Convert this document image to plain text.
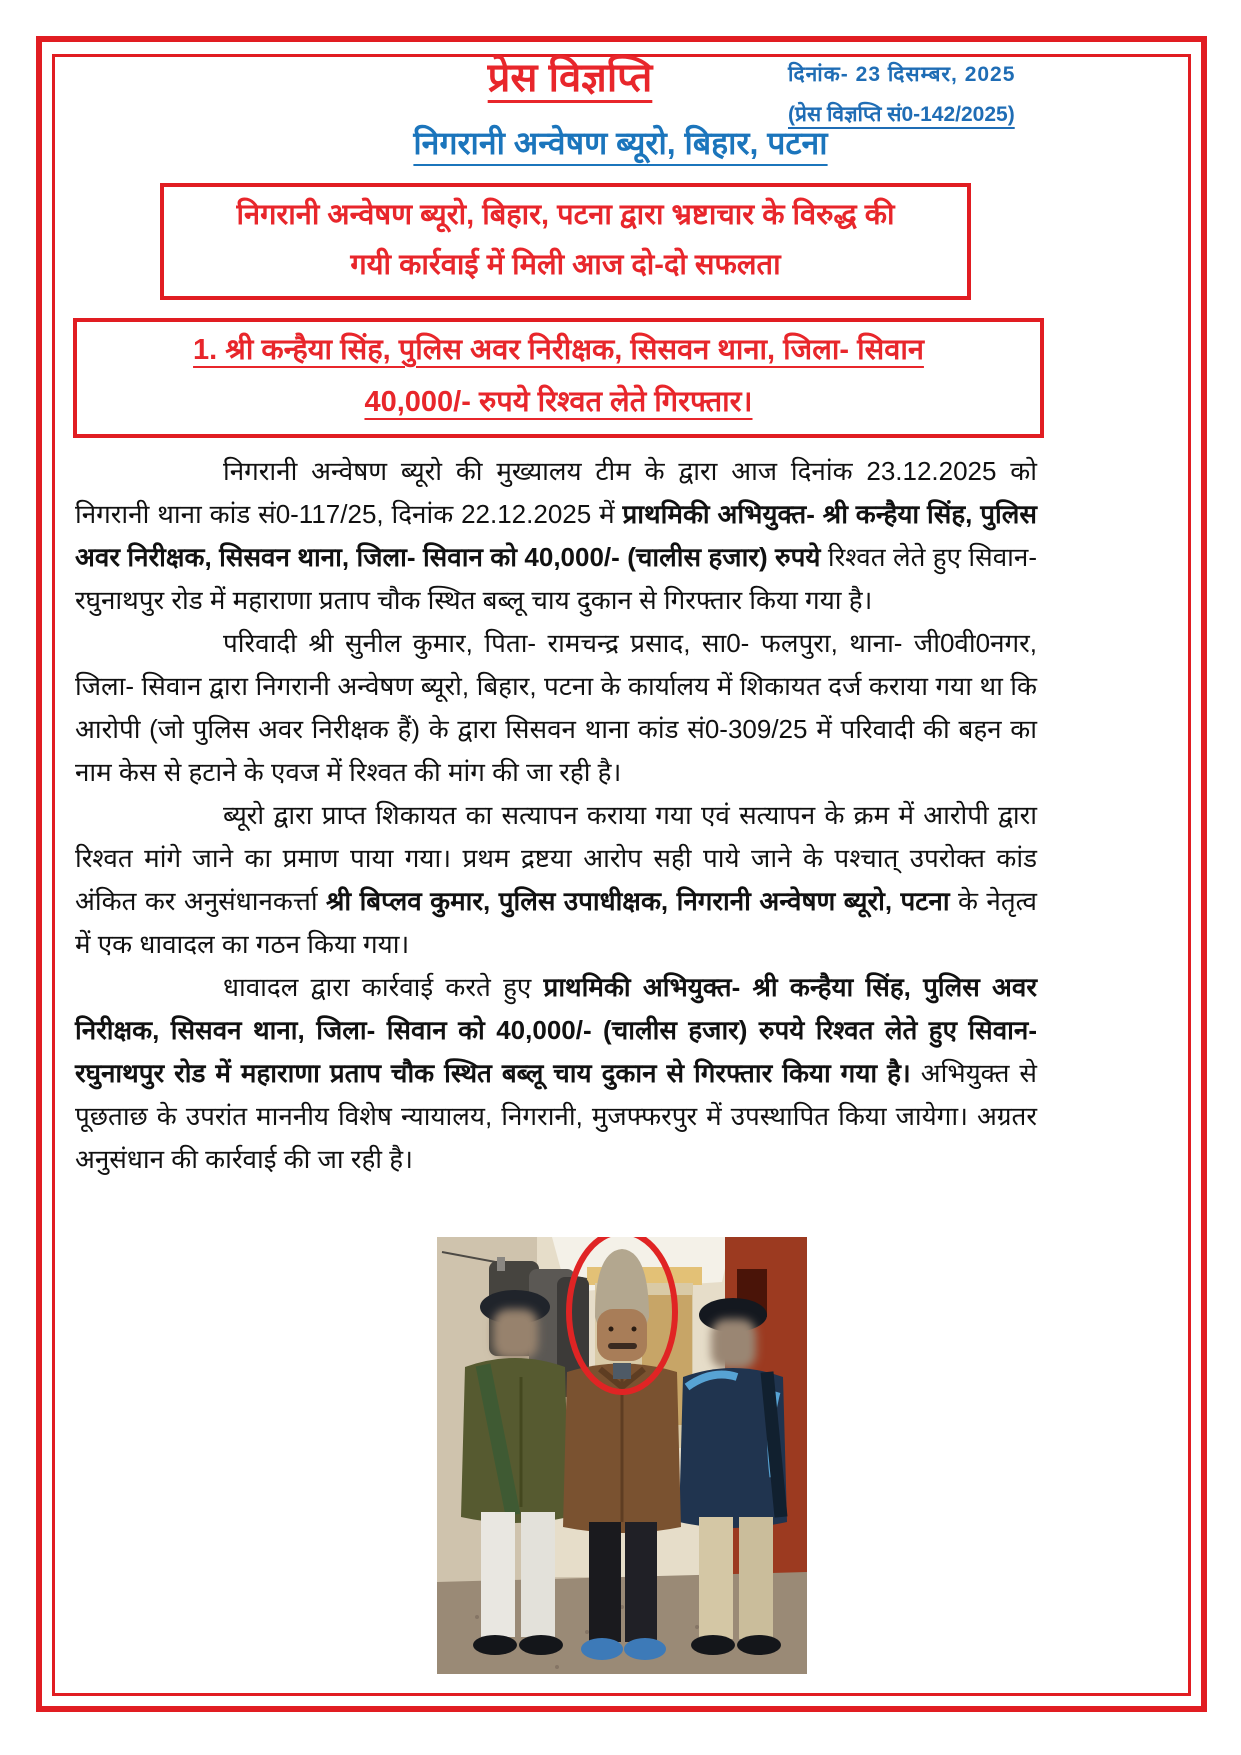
प्रेस विज्ञप्ति	दिनांक- 23 दिसम्बर, 2025
(प्रेस विज्ञप्ति सं0-142/2025)
निगरानी अन्वेषण ब्यूरो, बिहार, पटना
निगरानी अन्वेषण ब्यूरो, बिहार, पटना द्वारा भ्रष्टाचार के विरुद्ध की
गयी कार्रवाई में मिली आज दो-दो सफलता
1. श्री कन्हैया सिंह, पुलिस अवर निरीक्षक, सिसवन थाना, जिला- सिवान
40,000/- रुपये रिश्वत लेते गिरफ्तार।

निगरानी अन्वेषण ब्यूरो की मुख्यालय टीम के द्वारा आज दिनांक 23.12.2025 को निगरानी थाना कांड सं0-117/25, दिनांक 22.12.2025 में प्राथमिकी अभियुक्त- श्री कन्हैया सिंह, पुलिस अवर निरीक्षक, सिसवन थाना, जिला- सिवान को 40,000/- (चालीस हजार) रुपये रिश्वत लेते हुए सिवान-रघुनाथपुर रोड में महाराणा प्रताप चौक स्थित बब्लू चाय दुकान से गिरफ्तार किया गया है।

परिवादी श्री सुनील कुमार, पिता- रामचन्द्र प्रसाद, सा0- फलपुरा, थाना- जी0वी0नगर, जिला- सिवान द्वारा निगरानी अन्वेषण ब्यूरो, बिहार, पटना के कार्यालय में शिकायत दर्ज कराया गया था कि आरोपी (जो पुलिस अवर निरीक्षक हैं) के द्वारा सिसवन थाना कांड सं0-309/25 में परिवादी की बहन का नाम केस से हटाने के एवज में रिश्वत की मांग की जा रही है।

ब्यूरो द्वारा प्राप्त शिकायत का सत्यापन कराया गया एवं सत्यापन के क्रम में आरोपी द्वारा रिश्वत मांगे जाने का प्रमाण पाया गया। प्रथम द्रष्टया आरोप सही पाये जाने के पश्चात् उपरोक्त कांड अंकित कर अनुसंधानकर्त्ता श्री बिप्लव कुमार, पुलिस उपाधीक्षक, निगरानी अन्वेषण ब्यूरो, पटना के नेतृत्व में एक धावादल का गठन किया गया।

धावादल द्वारा कार्रवाई करते हुए प्राथमिकी अभियुक्त- श्री कन्हैया सिंह, पुलिस अवर निरीक्षक, सिसवन थाना, जिला- सिवान को 40,000/- (चालीस हजार) रुपये रिश्वत लेते हुए सिवान-रघुनाथपुर रोड में महाराणा प्रताप चौक स्थित बब्लू चाय दुकान से गिरफ्तार किया गया है। अभियुक्त से पूछताछ के उपरांत माननीय विशेष न्यायालय, निगरानी, मुजफ्फरपुर में उपस्थापित किया जायेगा। अग्रतर अनुसंधान की कार्रवाई की जा रही है।
